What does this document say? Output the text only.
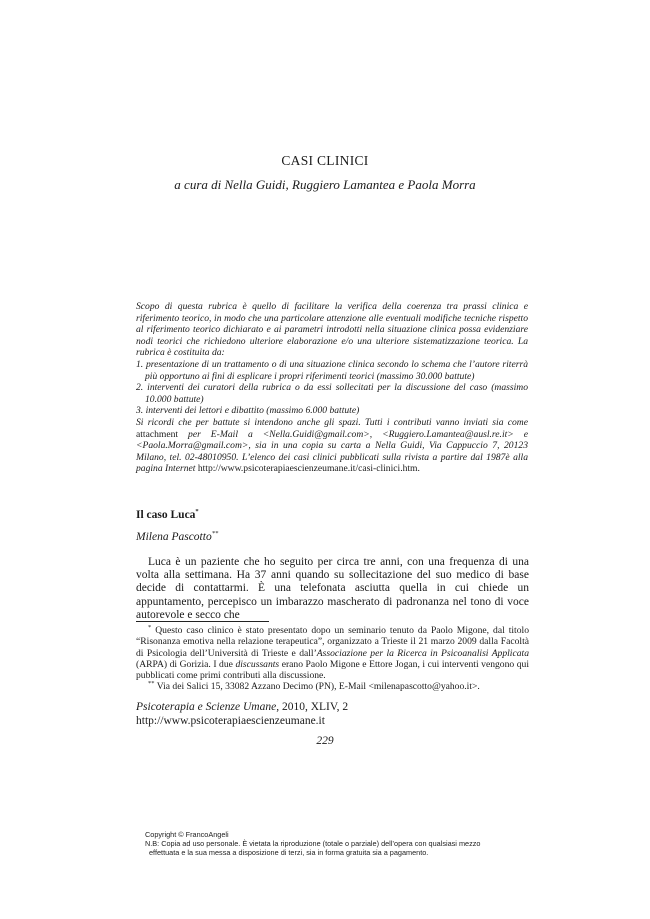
CASI CLINICI
a cura di Nella Guidi, Ruggiero Lamantea e Paola Morra

Scopo di questa rubrica è quello di facilitare la verifica della coerenza tra prassi clinica e riferimento teorico, in modo che una particolare attenzione alle eventuali modifiche tecniche rispetto al riferimento teorico dichiarato e ai parametri introdotti nella situazione clinica possa evidenziare nodi teorici che richiedono ulteriore elaborazione e/o una ulteriore sistematizzazione teorica. La rubrica è costituita da:

1. presentazione di un trattamento o di una situazione clinica secondo lo schema che l’autore riterrà più opportuno ai fini di esplicare i propri riferimenti teorici (massimo 30.000 battute)

2. interventi dei curatori della rubrica o da essi sollecitati per la discussione del caso (massimo 10.000 battute)

3. interventi dei lettori e dibattito (massimo 6.000 battute)

Si ricordi che per battute si intendono anche gli spazi. Tutti i contributi vanno inviati sia come attachment per E-Mail a <Nella.Guidi@gmail.com>, <Ruggiero.Lamantea@ausl.re.it> e <Paola.Morra@gmail.com>, sia in una copia su carta a Nella Guidi, Via Cappuccio 7, 20123 Milano, tel. 02-48010950. L’elenco dei casi clinici pubblicati sulla rivista a partire dal 1987è alla pagina Internet http://www.psicoterapiaescienzeumane.it/casi-clinici.htm.

Il caso Luca*
Milena Pascotto**

Luca è un paziente che ho seguito per circa tre anni, con una frequenza di una volta alla settimana. Ha 37 anni quando su sollecitazione del suo medico di base decide di contattarmi. È una telefonata asciutta quella in cui chiede un appuntamento, percepisco un imbarazzo mascherato di padronanza nel tono di voce autorevole e secco che

* Questo caso clinico è stato presentato dopo un seminario tenuto da Paolo Migone, dal titolo “Risonanza emotiva nella relazione terapeutica”, organizzato a Trieste il 21 marzo 2009 dalla Facoltà di Psicologia dell’Università di Trieste e dall’Associazione per la Ricerca in Psicoanalisi Applicata (ARPA) di Gorizia. I due discussants erano Paolo Migone e Ettore Jogan, i cui interventi vengono qui pubblicati come primi contributi alla discussione.

** Via dei Salici 15, 33082 Azzano Decimo (PN), E-Mail <milenapascotto@yahoo.it>.

Psicoterapia e Scienze Umane, 2010, XLIV, 2
http://www.psicoterapiaescienzeumane.it
229

Copyright © FrancoAngeli

N.B: Copia ad uso personale. È vietata la riproduzione (totale o parziale) dell’opera con qualsiasi mezzo

effettuata e la sua messa a disposizione di terzi, sia in forma gratuita sia a pagamento.
